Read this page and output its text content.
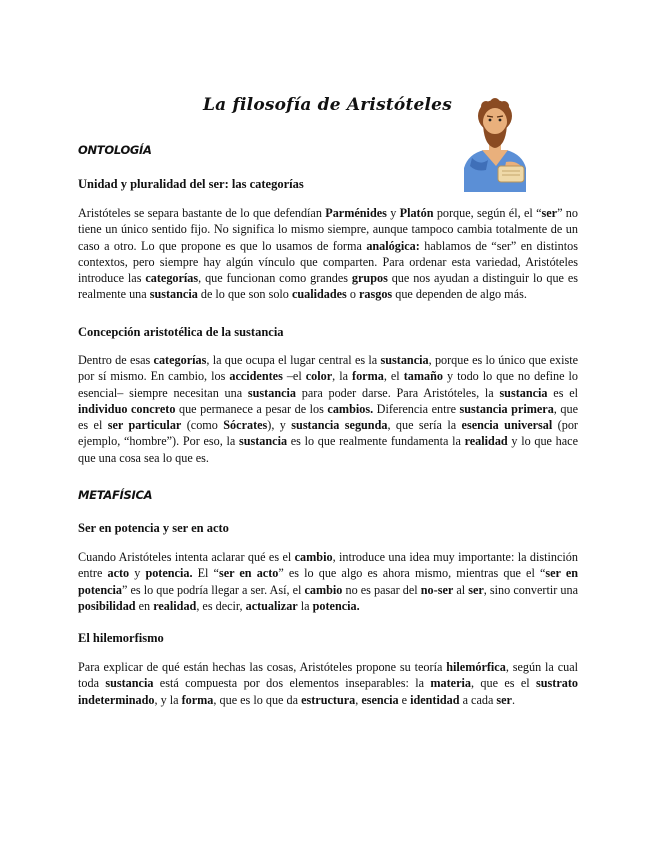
La filosofía de Aristóteles
ONTOLOGÍA
Unidad y pluralidad del ser: las categorías
Aristóteles se separa bastante de lo que defendían Parménides y Platón porque, según él, el “ser” no tiene un único sentido fijo. No significa lo mismo siempre, aunque tampoco cambia totalmente de un caso a otro. Lo que propone es que lo usamos de forma analógica: hablamos de “ser” en distintos contextos, pero siempre hay algún vínculo que comparten. Para ordenar esta variedad, Aristóteles introduce las categorías, que funcionan como grandes grupos que nos ayudan a distinguir lo que es realmente una sustancia de lo que son solo cualidades o rasgos que dependen de algo más.
Concepción aristotélica de la sustancia
Dentro de esas categorías, la que ocupa el lugar central es la sustancia, porque es lo único que existe por sí mismo. En cambio, los accidentes –el color, la forma, el tamaño y todo lo que no define lo esencial– siempre necesitan una sustancia para poder darse. Para Aristóteles, la sustancia es el individuo concreto que permanece a pesar de los cambios. Diferencia entre sustancia primera, que es el ser particular (como Sócrates), y sustancia segunda, que sería la esencia universal (por ejemplo, “hombre”). Por eso, la sustancia es lo que realmente fundamenta la realidad y lo que hace que una cosa sea lo que es.
METAFÍSICA
Ser en potencia y ser en acto
Cuando Aristóteles intenta aclarar qué es el cambio, introduce una idea muy importante: la distinción entre acto y potencia. El “ser en acto” es lo que algo es ahora mismo, mientras que el “ser en potencia” es lo que podría llegar a ser. Así, el cambio no es pasar del no-ser al ser, sino convertir una posibilidad en realidad, es decir, actualizar la potencia.
El hilemorfismo
Para explicar de qué están hechas las cosas, Aristóteles propone su teoría hilemórfica, según la cual toda sustancia está compuesta por dos elementos inseparables: la materia, que es el sustrato indeterminado, y la forma, que es lo que da estructura, esencia e identidad a cada ser.
